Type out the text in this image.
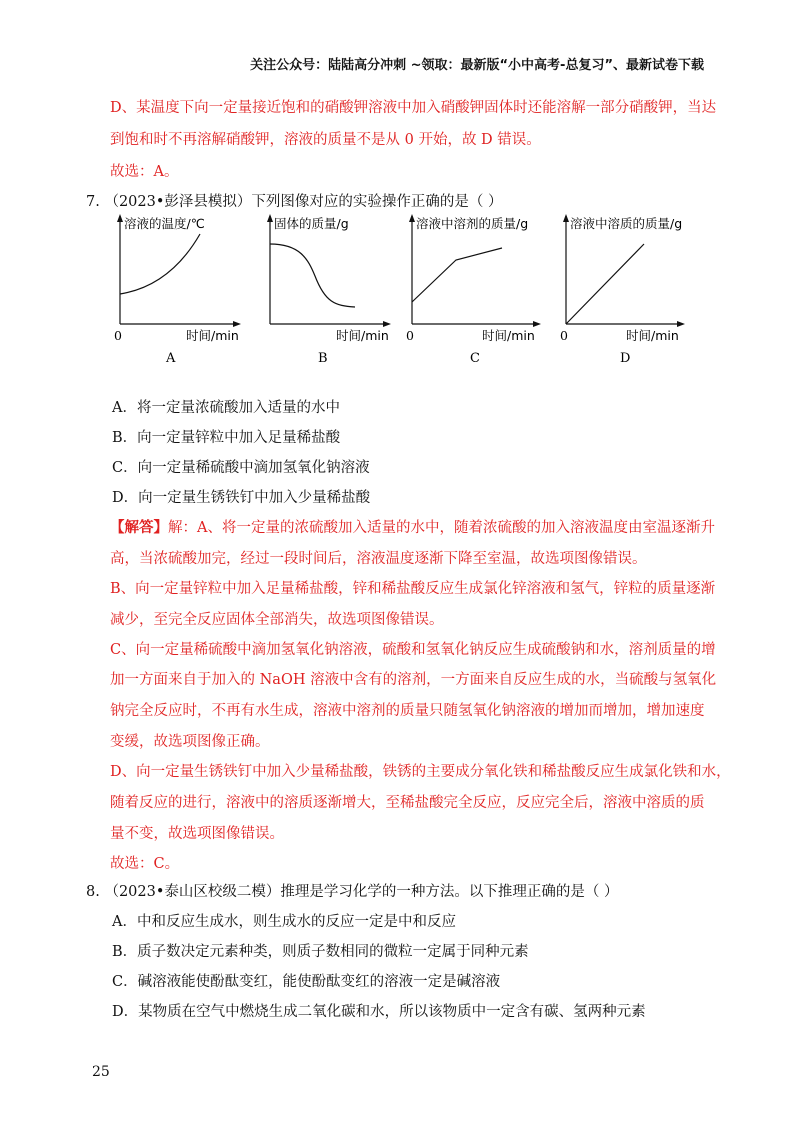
关注公众号：陆陆高分冲刺 ~领取：最新版“小中高考-总复习”、最新试卷下载
D、某温度下向一定量接近饱和的硝酸钾溶液中加入硝酸钾固体时还能溶解一部分硝酸钾，当达
到饱和时不再溶解硝酸钾，溶液的质量不是从 0 开始，故 D 错误。
故选：A。
7. （2023•彭泽县模拟）下列图像对应的实验操作正确的是（ ）
溶液的温度/℃
0	时间/min
A
固体的质量/g
时间/min
B
溶液中溶剂的质量/g
0	时间/min
C
溶液中溶质的质量/g
0	时间/min
D
A．将一定量浓硫酸加入适量的水中
B．向一定量锌粒中加入足量稀盐酸
C．向一定量稀硫酸中滴加氢氧化钠溶液
D．向一定量生锈铁钉中加入少量稀盐酸
【解答】解：A、将一定量的浓硫酸加入适量的水中，随着浓硫酸的加入溶液温度由室温逐渐升
高，当浓硫酸加完，经过一段时间后，溶液温度逐渐下降至室温，故选项图像错误。
B、向一定量锌粒中加入足量稀盐酸，锌和稀盐酸反应生成氯化锌溶液和氢气，锌粒的质量逐渐
减少，至完全反应固体全部消失，故选项图像错误。
C、向一定量稀硫酸中滴加氢氧化钠溶液，硫酸和氢氧化钠反应生成硫酸钠和水，溶剂质量的增
加一方面来自于加入的 NaOH 溶液中含有的溶剂，一方面来自反应生成的水，当硫酸与氢氧化
钠完全反应时，不再有水生成，溶液中溶剂的质量只随氢氧化钠溶液的增加而增加，增加速度
变缓，故选项图像正确。
D、向一定量生锈铁钉中加入少量稀盐酸，铁锈的主要成分氧化铁和稀盐酸反应生成氯化铁和水，
随着反应的进行，溶液中的溶质逐渐增大，至稀盐酸完全反应，反应完全后，溶液中溶质的质
量不变，故选项图像错误。
故选：C。
8. （2023•泰山区校级二模）推理是学习化学的一种方法。以下推理正确的是（ ）
A．中和反应生成水，则生成水的反应一定是中和反应
B．质子数决定元素种类，则质子数相同的微粒一定属于同种元素
C．碱溶液能使酚酞变红，能使酚酞变红的溶液一定是碱溶液
D．某物质在空气中燃烧生成二氧化碳和水，所以该物质中一定含有碳、氢两种元素
25
